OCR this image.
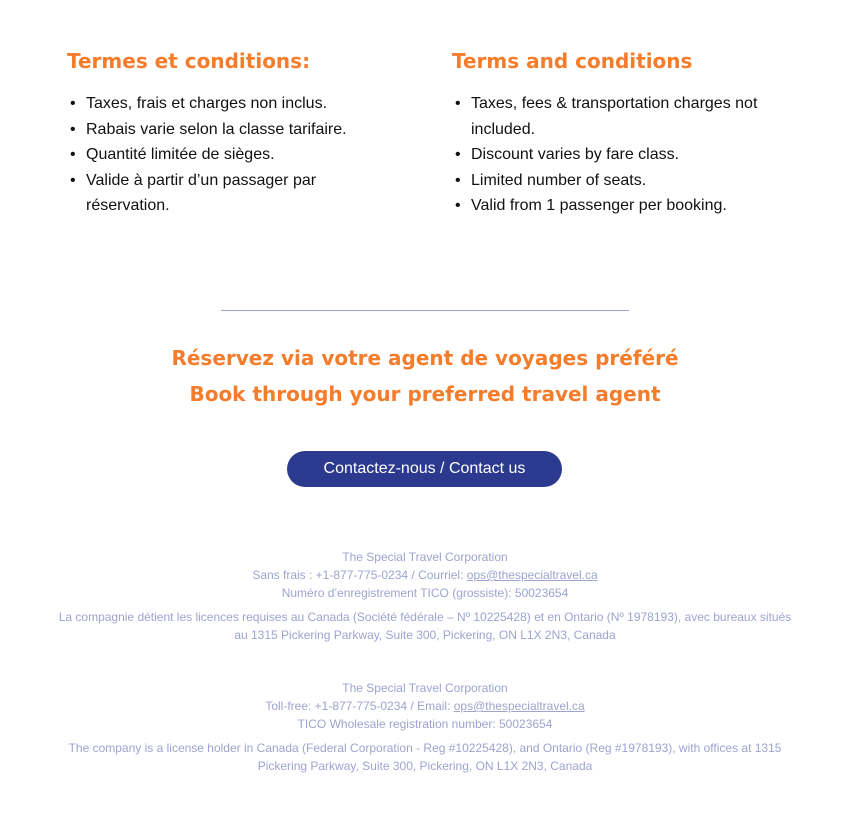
Termes et conditions:
• Taxes, frais et charges non inclus.
• Rabais varie selon la classe tarifaire.
• Quantité limitée de sièges.
• Valide à partir d’un passager par réservation.
Terms and conditions
• Taxes, fees & transportation charges not included.
• Discount varies by fare class.
• Limited number of seats.
• Valid from 1 passenger per booking.
Réservez via votre agent de voyages préféré
Book through your preferred travel agent
Contactez-nous / Contact us

The Special Travel Corporation

Sans frais : +1-877-775-0234 / Courriel: ops@thespecialtravel.ca

Numéro d’enregistrement TICO (grossiste): 50023654

La compagnie détient les licences requises au Canada (Société fédérale – Nº 10225428) et en Ontario (Nº 1978193), avec bureaux situés au 1315 Pickering Parkway, Suite 300, Pickering, ON L1X 2N3, Canada

The Special Travel Corporation

Toll-free: +1-877-775-0234 / Email: ops@thespecialtravel.ca

TICO Wholesale registration number: 50023654

The company is a license holder in Canada (Federal Corporation - Reg #10225428), and Ontario (Reg #1978193), with offices at 1315 Pickering Parkway, Suite 300, Pickering, ON L1X 2N3, Canada
